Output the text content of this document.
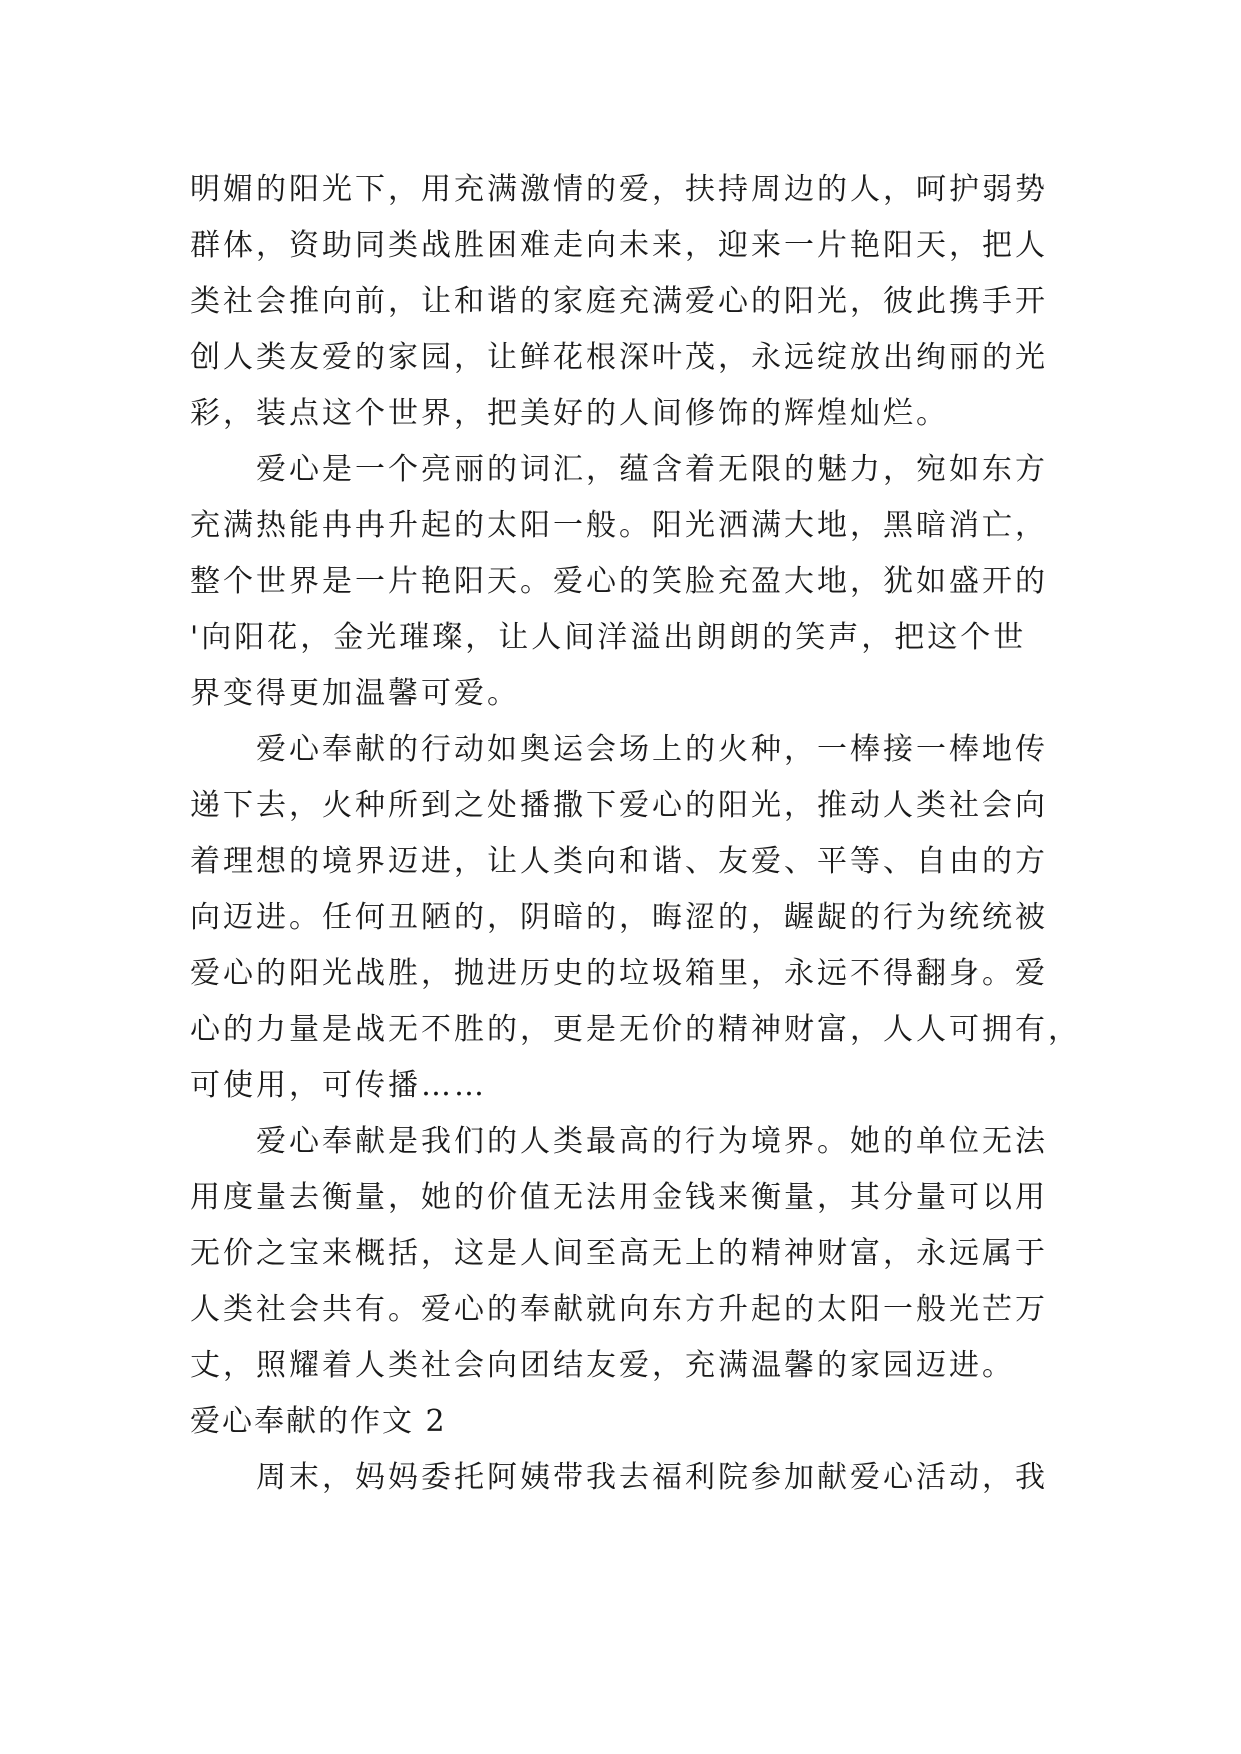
明媚的阳光下，用充满激情的爱，扶持周边的人，呵护弱势
群体，资助同类战胜困难走向未来，迎来一片艳阳天，把人
类社会推向前，让和谐的家庭充满爱心的阳光，彼此携手开
创人类友爱的家园，让鲜花根深叶茂，永远绽放出绚丽的光
彩，装点这个世界，把美好的人间修饰的辉煌灿烂。
爱心是一个亮丽的词汇，蕴含着无限的魅力，宛如东方
充满热能冉冉升起的太阳一般。阳光洒满大地，黑暗消亡，
整个世界是一片艳阳天。爱心的笑脸充盈大地，犹如盛开的
'向阳花，金光璀璨，让人间洋溢出朗朗的笑声，把这个世
界变得更加温馨可爱。
爱心奉献的行动如奥运会场上的火种，一棒接一棒地传
递下去，火种所到之处播撒下爱心的阳光，推动人类社会向
着理想的境界迈进，让人类向和谐、友爱、平等、自由的方
向迈进。任何丑陋的，阴暗的，晦涩的，龌龊的行为统统被
爱心的阳光战胜，抛进历史的垃圾箱里，永远不得翻身。爱
心的力量是战无不胜的，更是无价的精神财富，人人可拥有，
可使用，可传播……
爱心奉献是我们的人类最高的行为境界。她的单位无法
用度量去衡量，她的价值无法用金钱来衡量，其分量可以用
无价之宝来概括，这是人间至高无上的精神财富，永远属于
人类社会共有。爱心的奉献就向东方升起的太阳一般光芒万
丈，照耀着人类社会向团结友爱，充满温馨的家园迈进。
爱心奉献的作文 2
周末，妈妈委托阿姨带我去福利院参加献爱心活动，我
